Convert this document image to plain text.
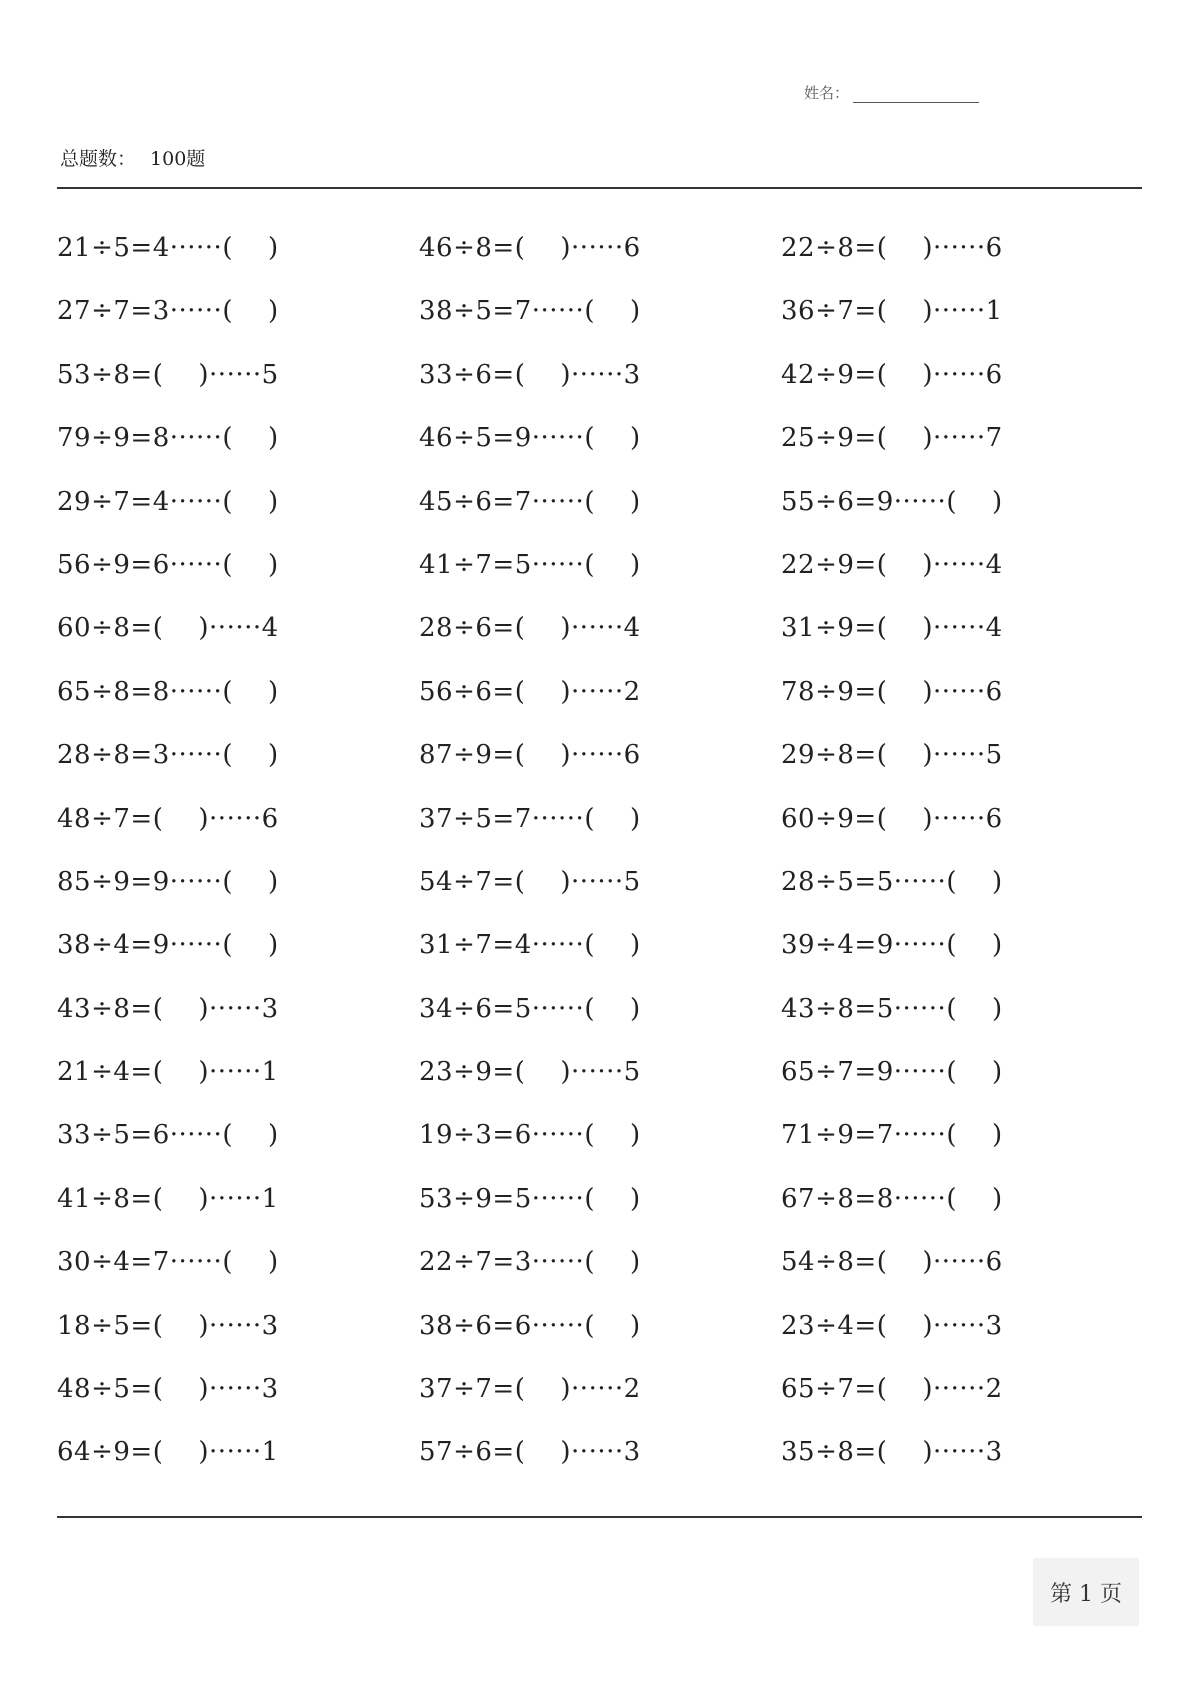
姓名：
总题数： 100题
21÷5=4······(    )	46÷8=(    )······6	22÷8=(    )······6
27÷7=3······(    )	38÷5=7······(    )	36÷7=(    )······1
53÷8=(    )······5	33÷6=(    )······3	42÷9=(    )······6
79÷9=8······(    )	46÷5=9······(    )	25÷9=(    )······7
29÷7=4······(    )	45÷6=7······(    )	55÷6=9······(    )
56÷9=6······(    )	41÷7=5······(    )	22÷9=(    )······4
60÷8=(    )······4	28÷6=(    )······4	31÷9=(    )······4
65÷8=8······(    )	56÷6=(    )······2	78÷9=(    )······6
28÷8=3······(    )	87÷9=(    )······6	29÷8=(    )······5
48÷7=(    )······6	37÷5=7······(    )	60÷9=(    )······6
85÷9=9······(    )	54÷7=(    )······5	28÷5=5······(    )
38÷4=9······(    )	31÷7=4······(    )	39÷4=9······(    )
43÷8=(    )······3	34÷6=5······(    )	43÷8=5······(    )
21÷4=(    )······1	23÷9=(    )······5	65÷7=9······(    )
33÷5=6······(    )	19÷3=6······(    )	71÷9=7······(    )
41÷8=(    )······1	53÷9=5······(    )	67÷8=8······(    )
30÷4=7······(    )	22÷7=3······(    )	54÷8=(    )······6
18÷5=(    )······3	38÷6=6······(    )	23÷4=(    )······3
48÷5=(    )······3	37÷7=(    )······2	65÷7=(    )······2
64÷9=(    )······1	57÷6=(    )······3	35÷8=(    )······3
第 1 页
